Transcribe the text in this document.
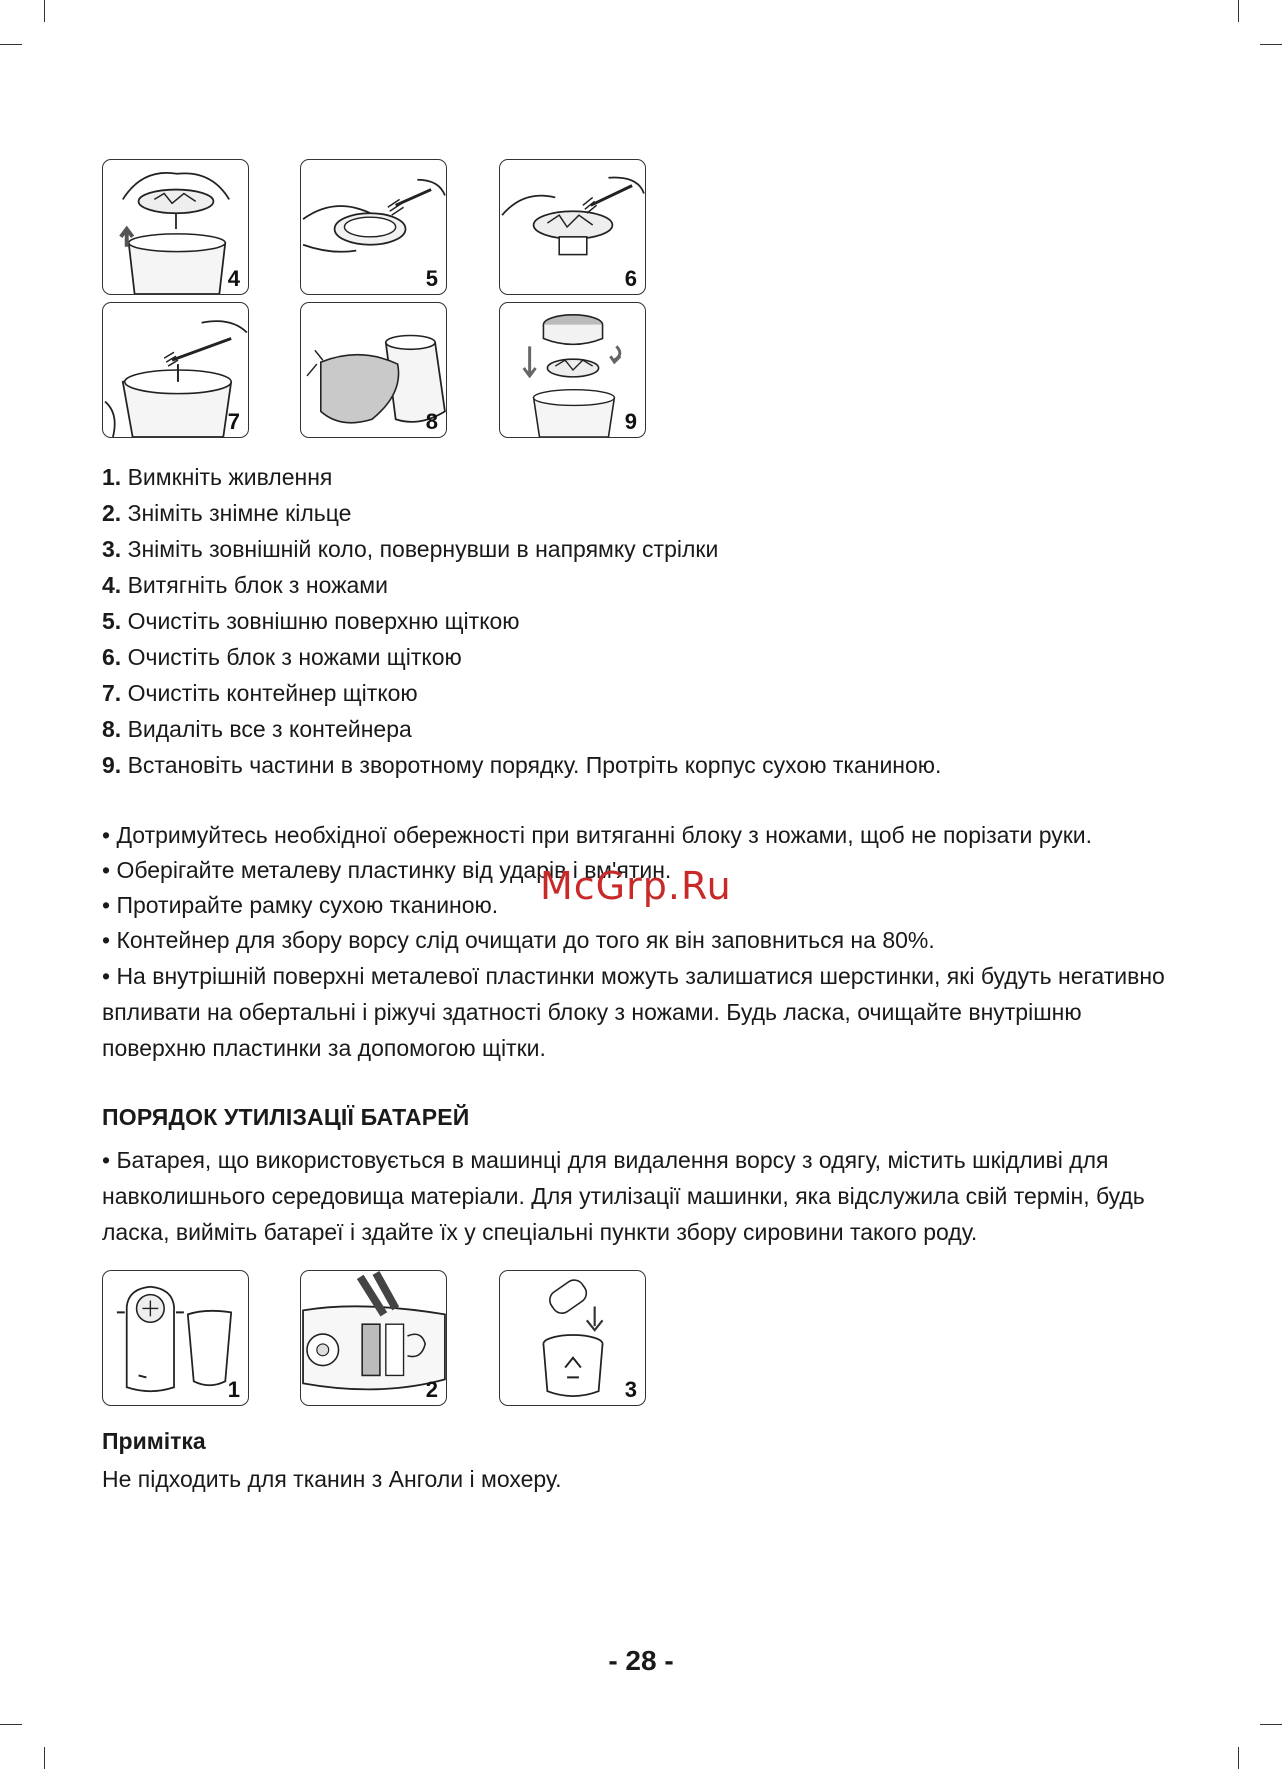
4	5	6
7	8	9
1. Вимкніть живлення
2. Зніміть знімне кільце
3. Зніміть зовнішній коло, повернувши в напрямку стрілки
4. Витягніть блок з ножами
5. Очистіть зовнішню поверхню щіткою
6. Очистіть блок з ножами щіткою
7. Очистіть контейнер щіткою
8. Видаліть все з контейнера
9. Встановіть частини в зворотному порядку. Протріть корпус сухою тканиною.
• Дотримуйтесь необхідної обережності при витяганні блоку з ножами, щоб не порізати руки.
• Оберігайте металеву пластинку від ударів і вм'ятин.
• Протирайте рамку сухою тканиною.
• Контейнер для збору ворсу слід очищати до того як він заповниться на 80%.
• На внутрішній поверхні металевої пластинки можуть залишатися шерстинки, які будуть негативно впливати на обертальні і ріжучі здатності блоку з ножами. Будь ласка, очищайте внутрішню поверхню пластинки за допомогою щітки.
McGrp.Ru
ПОРЯДОК УТИЛІЗАЦІЇ БАТАРЕЙ
• Батарея, що використовується в машинці для видалення ворсу з одягу, містить шкідливі для навколишнього середовища матеріали. Для утилізації машинки, яка відслужила свій термін, будь ласка, вийміть батареї і здайте їх у спеціальні пункти збору сировини такого роду.
1	2	3
Примітка
Не підходить для тканин з Анголи і мохеру.
- 28 -
